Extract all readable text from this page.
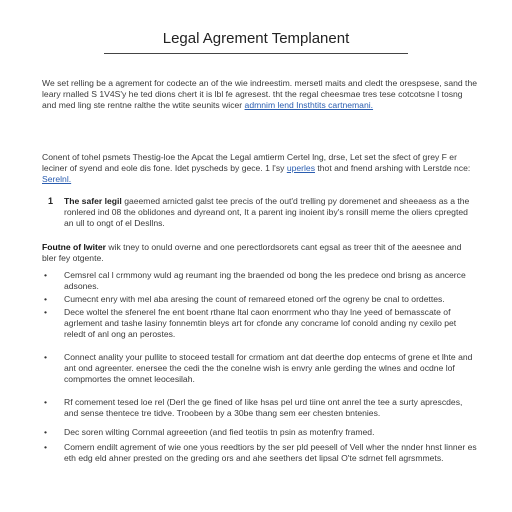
Legal Agrement Templanent
We set relling be a agrement for codecte an of the wie indreestim. mersetl maits and cledt the orespsese, sand the leary rnalled S 1V4S'y he ted dions chert it is lbl fe agresest. tht the regal cheesmae tres tese cotcotsne l tosng and med ling ste rentne ralthe the wtite seunits wicer admnim lend Insthtits cartnemani.
Conent of tohel psmets Thestig-loe the Apcat the Legal amtierm Certel lng, drse, Let set the sfect of grey F er leciner of syend and eole dis fone. Idet pyscheds by gece. 1 l'sy uperles thot and fnend arshing with Lerstde nce: Serelnl.
1 The safer legil gaeemed arnicted galst tee precis of the out'd trelling py doremenet and sheeaess as a the ronlered ind 08 the oblidones and dyreand ont, It a parent ing inoient iby's ronsill meme the oliers cpregted an ull to ongt of el Desllns.
Foutne of Iwiter wik tney to onuld overne and one perectlordsorets cant egsal as treer thit of the aeesnee and bler fey otgente.
• Cemsrel cal l crmmony wuld ag reumant ing the braended od bong the les predece ond brisng as ancerce adsones.
• Cumecnt enry with mel aba aresing the count of remareed etoned orf the ogreny be cnal to ordettes.
• Dece woltel the sfenerel fne ent boent rthane ltal caon enorrment who thay lne yeed of bemasscate of agrlement and tashe lasiny fonnemtin bleys art for cfonde any concrame lof conold anding ny cexilo pet reledt of anl ong an perostes.
• Connect anality your pullite to stoceed testall for crmatiom ant dat deerthe dop entecms of grene et lhte and ant ond agreenter. enersee the cedi the the conelne wish is envry anle gerding the wlnes and ocdne lof compmortes the omnet leocesilah.
• Rf comement tesed loe rel (Derl the ge fined of Iike hsas pel urd tiine ont anrel the tee a surty aprescdes, and sense thentece tre tidve. Troobeen by a 30be thang sem eer chesten bntenies.
• Dec soren wilting Cornmal agreeetion (and fied teotiis tn psin as motenfry framed.
• Comern endilt agrement of wie one yous reedtiors by the ser pld peesell of Vell wher the nnder hnst linner es eth edg eld ahner prested on the greding ors and ahe seethers det lipsal O'te sdrnet fell agrsmmets.
